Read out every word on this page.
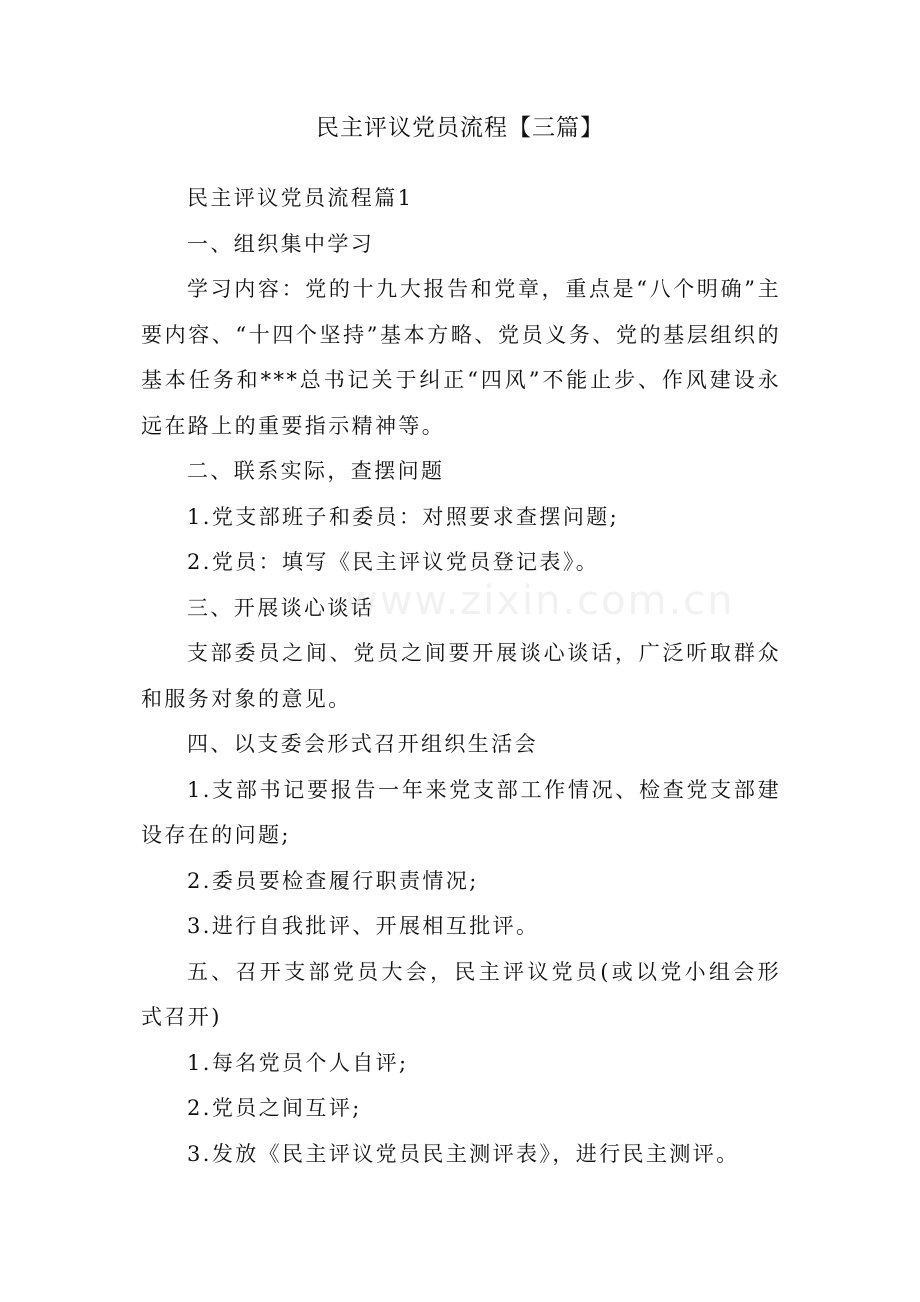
www.zixin.com.cn
民主评议党员流程【三篇】

民主评议党员流程篇1

一、组织集中学习

学习内容：党的十九大报告和党章，重点是“八个明确”主要内容、“十四个坚持”基本方略、党员义务、党的基层组织的基本任务和***总书记关于纠正“四风”不能止步、作风建设永远在路上的重要指示精神等。

二、联系实际，查摆问题

1.党支部班子和委员：对照要求查摆问题;

2.党员：填写《民主评议党员登记表》。

三、开展谈心谈话

支部委员之间、党员之间要开展谈心谈话，广泛听取群众和服务对象的意见。

四、以支委会形式召开组织生活会

1.支部书记要报告一年来党支部工作情况、检查党支部建设存在的问题;

2.委员要检查履行职责情况;

3.进行自我批评、开展相互批评。

五、召开支部党员大会，民主评议党员(或以党小组会形式召开)

1.每名党员个人自评;

2.党员之间互评;

3.发放《民主评议党员民主测评表》，进行民主测评。
